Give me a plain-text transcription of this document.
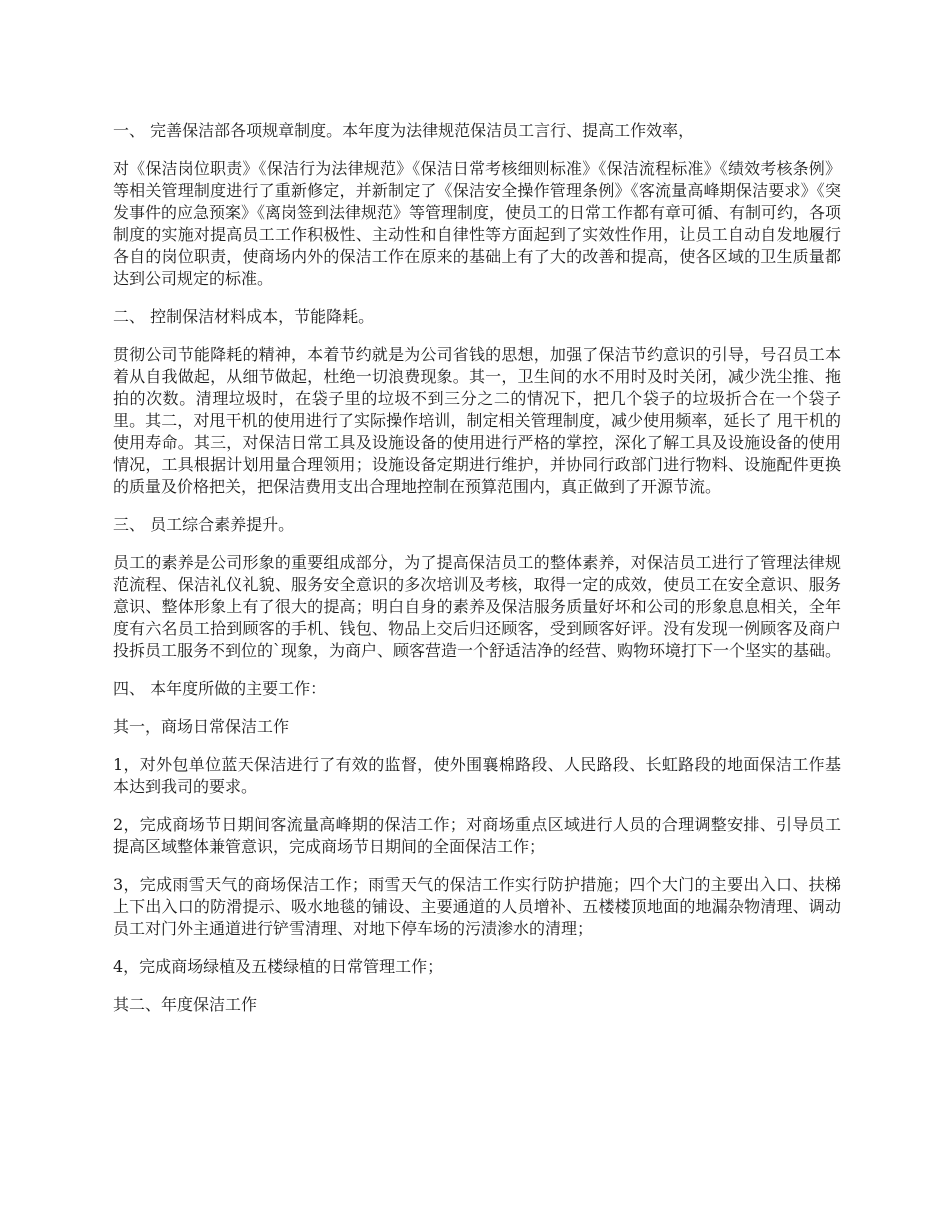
一、 完善保洁部各项规章制度。本年度为法律规范保洁员工言行、提高工作效率，

对《保洁岗位职责》《保洁行为法律规范》《保洁日常考核细则标准》《保洁流程标准》《绩效考核条例》等相关管理制度进行了重新修定，并新制定了《保洁安全操作管理条例》《客流量高峰期保洁要求》《突发事件的应急预案》《离岗签到法律规范》等管理制度，使员工的日常工作都有章可循、有制可约，各项制度的实施对提高员工工作积极性、主动性和自律性等方面起到了实效性作用，让员工自动自发地履行各自的岗位职责，使商场内外的保洁工作在原来的基础上有了大的改善和提高，使各区域的卫生质量都达到公司规定的标准。

二、 控制保洁材料成本，节能降耗。

贯彻公司节能降耗的精神，本着节约就是为公司省钱的思想，加强了保洁节约意识的引导，号召员工本着从自我做起，从细节做起，杜绝一切浪费现象。其一，卫生间的水不用时及时关闭，减少洗尘推、拖拍的次数。清理垃圾时，在袋子里的垃圾不到三分之二的情况下，把几个袋子的垃圾折合在一个袋子里。其二，对甩干机的使用进行了实际操作培训，制定相关管理制度，减少使用频率，延长了 甩干机的使用寿命。其三，对保洁日常工具及设施设备的使用进行严格的掌控，深化了解工具及设施设备的使用情况，工具根据计划用量合理领用；设施设备定期进行维护，并协同行政部门进行物料、设施配件更换的质量及价格把关，把保洁费用支出合理地控制在预算范围内，真正做到了开源节流。

三、 员工综合素养提升。

员工的素养是公司形象的重要组成部分，为了提高保洁员工的整体素养，对保洁员工进行了管理法律规范流程、保洁礼仪礼貌、服务安全意识的多次培训及考核，取得一定的成效，使员工在安全意识、服务意识、整体形象上有了很大的提高；明白自身的素养及保洁服务质量好坏和公司的形象息息相关，全年度有六名员工拾到顾客的手机、钱包、物品上交后归还顾客，受到顾客好评。没有发现一例顾客及商户投拆员工服务不到位的`现象，为商户、顾客营造一个舒适洁净的经营、购物环境打下一个坚实的基础。

四、 本年度所做的主要工作：

其一，商场日常保洁工作

1，对外包单位蓝天保洁进行了有效的监督，使外围襄棉路段、人民路段、长虹路段的地面保洁工作基本达到我司的要求。

2，完成商场节日期间客流量高峰期的保洁工作；对商场重点区域进行人员的合理调整安排、引导员工提高区域整体兼管意识，完成商场节日期间的全面保洁工作；

3，完成雨雪天气的商场保洁工作；雨雪天气的保洁工作实行防护措施；四个大门的主要出入口、扶梯上下出入口的防滑提示、吸水地毯的铺设、主要通道的人员增补、五楼楼顶地面的地漏杂物清理、调动员工对门外主通道进行铲雪清理、对地下停车场的污渍渗水的清理；

4，完成商场绿植及五楼绿植的日常管理工作；

其二、年度保洁工作
